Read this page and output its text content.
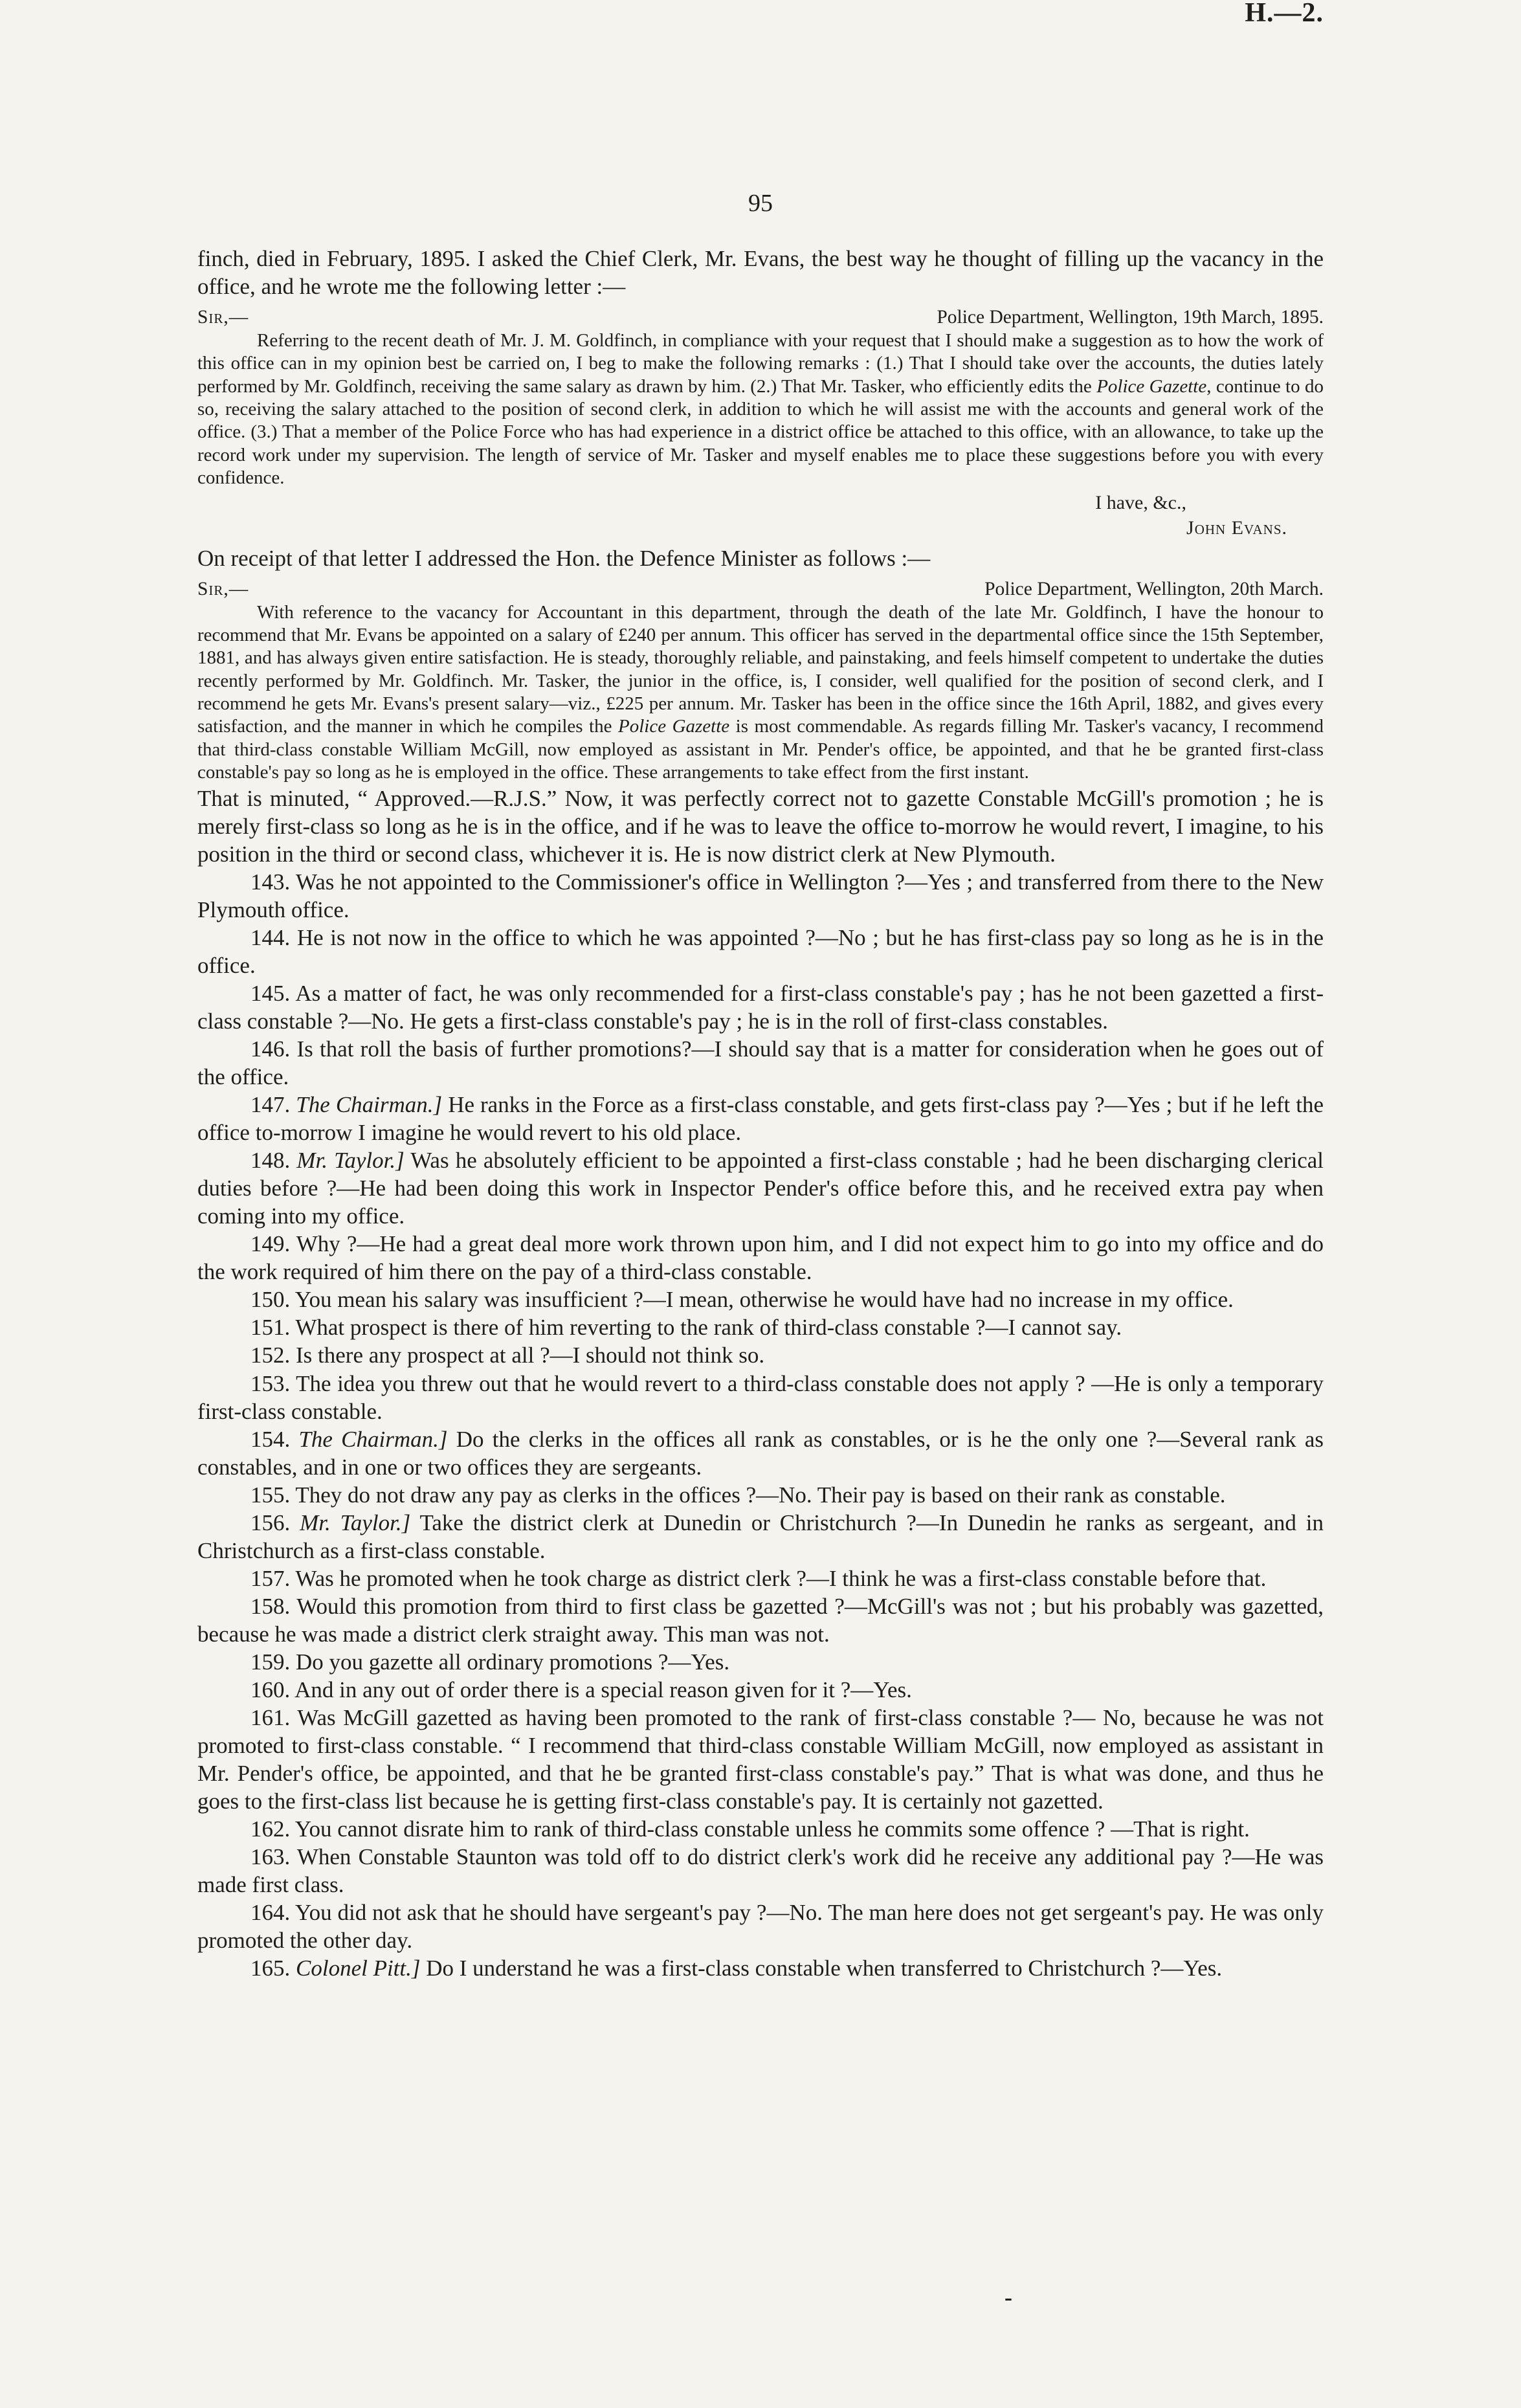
95
H.—2.

finch, died in February, 1895. I asked the Chief Clerk, Mr. Evans, the best way he thought of filling up the vacancy in the office, and he wrote me the following letter :—

Sir,—	Police Department, Wellington, 19th March, 1895.

Referring to the recent death of Mr. J. M. Goldfinch, in compliance with your request that I should make a suggestion as to how the work of this office can in my opinion best be carried on, I beg to make the following remarks : (1.) That I should take over the accounts, the duties lately performed by Mr. Goldfinch, receiving the same salary as drawn by him. (2.) That Mr. Tasker, who efficiently edits the Police Gazette, continue to do so, receiving the salary attached to the position of second clerk, in addition to which he will assist me with the accounts and general work of the office. (3.) That a member of the Police Force who has had experience in a district office be attached to this office, with an allowance, to take up the record work under my supervision. The length of service of Mr. Tasker and myself enables me to place these suggestions before you with every confidence.

I have, &c.,
John Evans.

On receipt of that letter I addressed the Hon. the Defence Minister as follows :—

Sir,—	Police Department, Wellington, 20th March.

With reference to the vacancy for Accountant in this department, through the death of the late Mr. Goldfinch, I have the honour to recommend that Mr. Evans be appointed on a salary of £240 per annum. This officer has served in the departmental office since the 15th September, 1881, and has always given entire satisfaction. He is steady, thoroughly reliable, and painstaking, and feels himself competent to undertake the duties recently performed by Mr. Goldfinch. Mr. Tasker, the junior in the office, is, I consider, well qualified for the position of second clerk, and I recommend he gets Mr. Evans's present salary—viz., £225 per annum. Mr. Tasker has been in the office since the 16th April, 1882, and gives every satisfaction, and the manner in which he compiles the Police Gazette is most commendable. As regards filling Mr. Tasker's vacancy, I recommend that third-class constable William McGill, now employed as assistant in Mr. Pender's office, be appointed, and that he be granted first-class constable's pay so long as he is employed in the office. These arrangements to take effect from the first instant.

That is minuted, “ Approved.—R.J.S.” Now, it was perfectly correct not to gazette Constable McGill's promotion ; he is merely first-class so long as he is in the office, and if he was to leave the office to-morrow he would revert, I imagine, to his position in the third or second class, whichever it is. He is now district clerk at New Plymouth.

143. Was he not appointed to the Commissioner's office in Wellington ?—Yes ; and transferred from there to the New Plymouth office.

144. He is not now in the office to which he was appointed ?—No ; but he has first-class pay so long as he is in the office.

145. As a matter of fact, he was only recommended for a first-class constable's pay ; has he not been gazetted a first-class constable ?—No. He gets a first-class constable's pay ; he is in the roll of first-class constables.

146. Is that roll the basis of further promotions?—I should say that is a matter for consideration when he goes out of the office.

147. The Chairman.] He ranks in the Force as a first-class constable, and gets first-class pay ?—Yes ; but if he left the office to-morrow I imagine he would revert to his old place.

148. Mr. Taylor.] Was he absolutely efficient to be appointed a first-class constable ; had he been discharging clerical duties before ?—He had been doing this work in Inspector Pender's office before this, and he received extra pay when coming into my office.

149. Why ?—He had a great deal more work thrown upon him, and I did not expect him to go into my office and do the work required of him there on the pay of a third-class constable.

150. You mean his salary was insufficient ?—I mean, otherwise he would have had no increase in my office.

151. What prospect is there of him reverting to the rank of third-class constable ?—I cannot say.

152. Is there any prospect at all ?—I should not think so.

153. The idea you threw out that he would revert to a third-class constable does not apply ? —He is only a temporary first-class constable.

154. The Chairman.] Do the clerks in the offices all rank as constables, or is he the only one ?—Several rank as constables, and in one or two offices they are sergeants.

155. They do not draw any pay as clerks in the offices ?—No. Their pay is based on their rank as constable.

156. Mr. Taylor.] Take the district clerk at Dunedin or Christchurch ?—In Dunedin he ranks as sergeant, and in Christchurch as a first-class constable.

157. Was he promoted when he took charge as district clerk ?—I think he was a first-class constable before that.

158. Would this promotion from third to first class be gazetted ?—McGill's was not ; but his probably was gazetted, because he was made a district clerk straight away. This man was not.

159. Do you gazette all ordinary promotions ?—Yes.

160. And in any out of order there is a special reason given for it ?—Yes.

161. Was McGill gazetted as having been promoted to the rank of first-class constable ?— No, because he was not promoted to first-class constable. “ I recommend that third-class constable William McGill, now employed as assistant in Mr. Pender's office, be appointed, and that he be granted first-class constable's pay.” That is what was done, and thus he goes to the first-class list because he is getting first-class constable's pay. It is certainly not gazetted.

162. You cannot disrate him to rank of third-class constable unless he commits some offence ? —That is right.

163. When Constable Staunton was told off to do district clerk's work did he receive any additional pay ?—He was made first class.

164. You did not ask that he should have sergeant's pay ?—No. The man here does not get sergeant's pay. He was only promoted the other day.

165. Colonel Pitt.] Do I understand he was a first-class constable when transferred to Christchurch ?—Yes.

-
